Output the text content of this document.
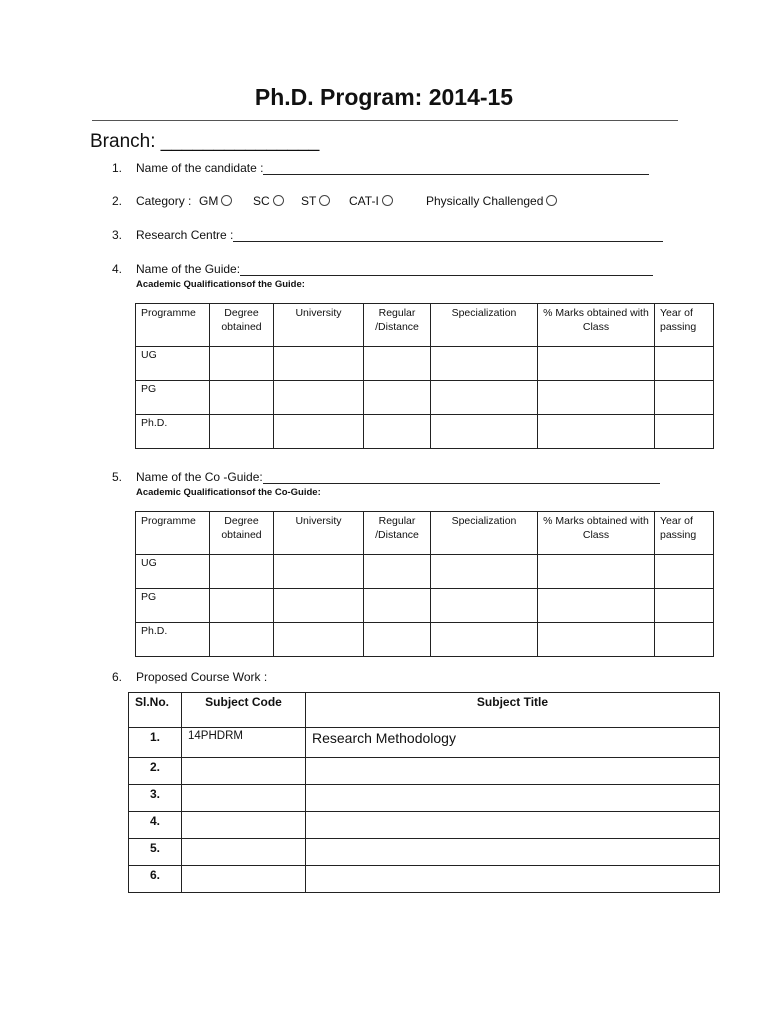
Ph.D. Program: 2014-15
Branch: _______________
1. Name of the candidate :
2. Category : GM	SC	ST	CAT-I	Physically Challenged
3. Research Centre :
4. Name of the Guide:
Academic Qualificationsof the Guide:
Programme	Degree obtained	University	Regular /Distance	Specialization	% Marks obtained with Class	Year of passing
UG						
PG						
Ph.D.						
5. Name of the Co -Guide:
Academic Qualificationsof the Co-Guide:
Programme	Degree obtained	University	Regular /Distance	Specialization	% Marks obtained with Class	Year of passing
UG						
PG						
Ph.D.						
6. Proposed Course Work :
Sl.No.	Subject Code	Subject Title
1.	14PHDRM	Research Methodology
2.		
3.		
4.		
5.		
6.		
